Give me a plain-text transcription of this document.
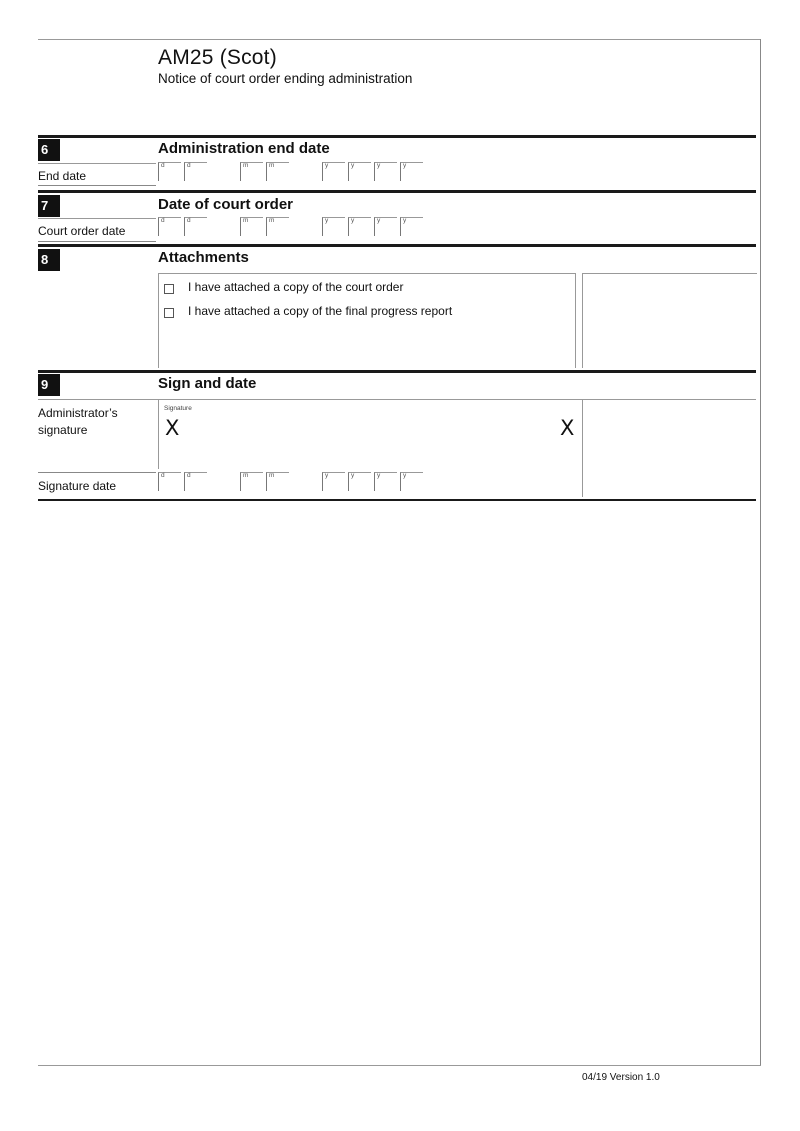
AM25 (Scot)
Notice of court order ending administration
6	Administration end date
End date
d	d	m	m	y	y	y	y
7	Date of court order
Court order date
d	d	m	m	y	y	y	y
8	Attachments
I have attached a copy of the court order
I have attached a copy of the final progress report
9	Sign and date
Administrator’s signature
Signature
X	X
Signature date
d	d	m	m	y	y	y	y
04/19 Version 1.0
